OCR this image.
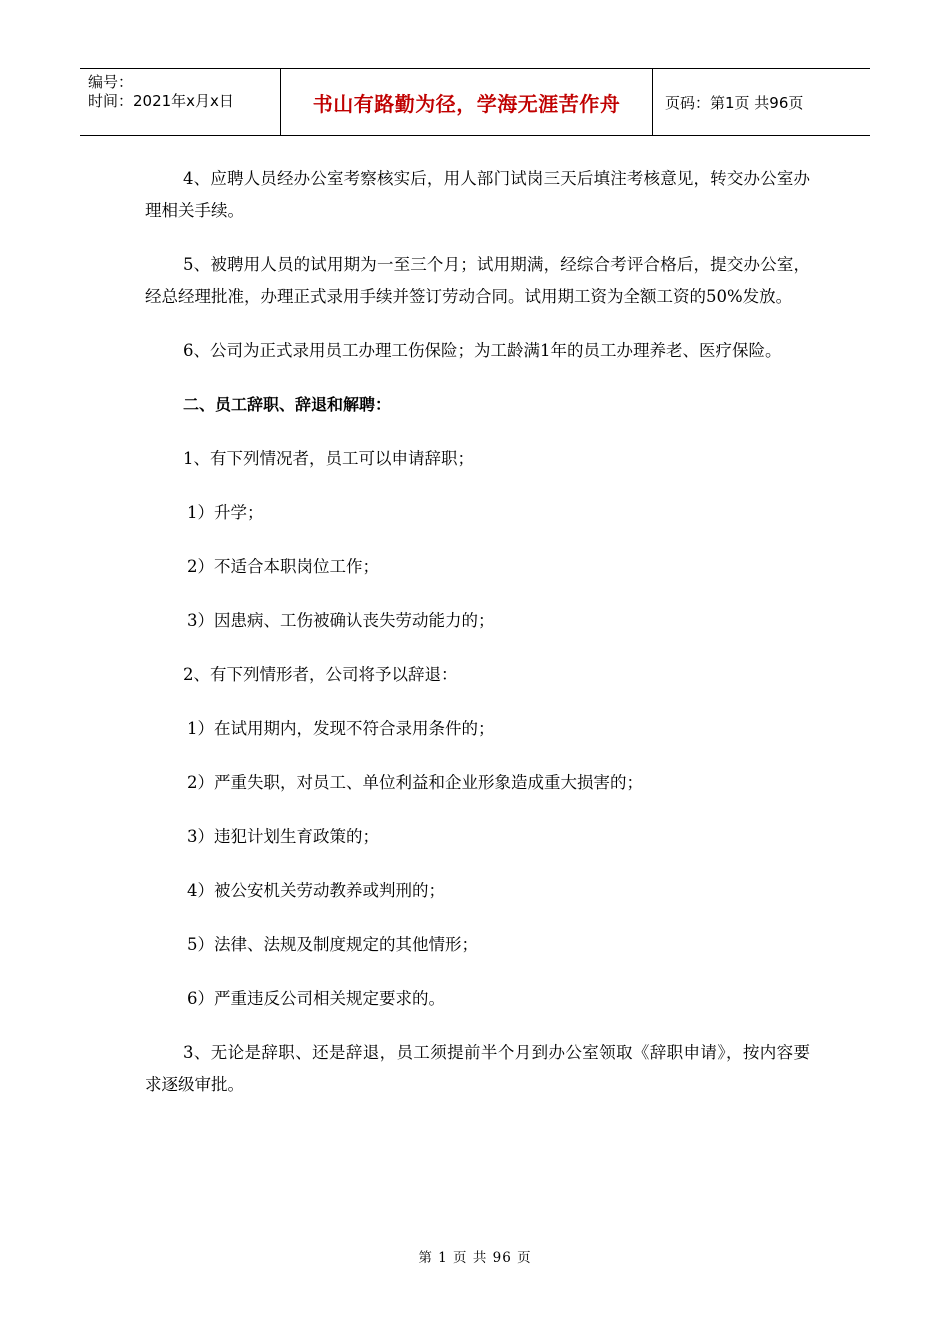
编号：
时间：2021年x月x日	书山有路勤为径，学海无涯苦作舟	页码：第1页 共96页

4、应聘人员经办公室考察核实后，用人部门试岗三天后填注考核意见，转交办公室办理相关手续。

5、被聘用人员的试用期为一至三个月；试用期满，经综合考评合格后，提交办公室，经总经理批准，办理正式录用手续并签订劳动合同。试用期工资为全额工资的50%发放。

6、公司为正式录用员工办理工伤保险；为工龄满1年的员工办理养老、医疗保险。

二、员工辞职、辞退和解聘：

1、有下列情况者，员工可以申请辞职；

1）升学；

2）不适合本职岗位工作；

3）因患病、工伤被确认丧失劳动能力的；

2、有下列情形者，公司将予以辞退：

1）在试用期内，发现不符合录用条件的；

2）严重失职，对员工、单位利益和企业形象造成重大损害的；

3）违犯计划生育政策的；

4）被公安机关劳动教养或判刑的；

5）法律、法规及制度规定的其他情形；

6）严重违反公司相关规定要求的。

3、无论是辞职、还是辞退，员工须提前半个月到办公室领取《辞职申请》，按内容要求逐级审批。

第 1 页 共 96 页
